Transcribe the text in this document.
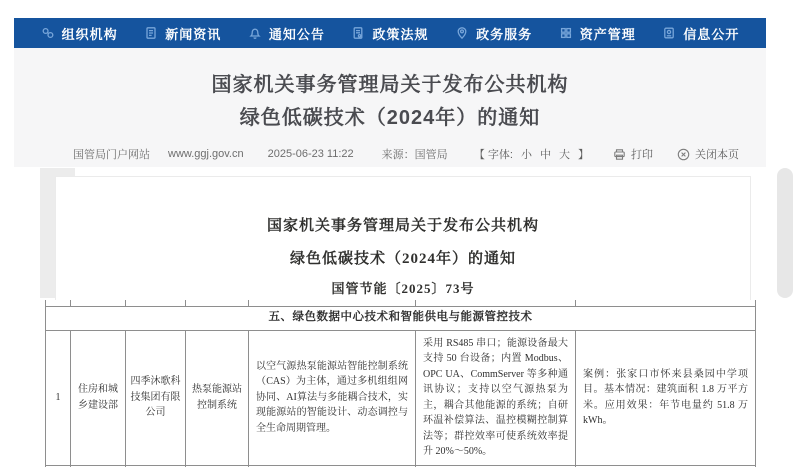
组织机构	新闻资讯	通知公告	政策法规	政务服务	资产管理	信息公开
国家机关事务管理局关于发布公共机构
绿色低碳技术（2024年）的通知
国管局门户网站 www.ggj.gov.cn 2025-06-23 11:22	来源：国管局 【 字体: 小 中 大 】	打印	关闭本页
国家机关事务管理局关于发布公共机构
绿色低碳技术（2024年）的通知
国管节能〔2025〕73号

五、绿色数据中心技术和智能供电与能源管控技术						
1	住房和城乡建设部	四季沐歌科技集团有限公司	热泵能源站控制系统	以空气源热泵能源站智能控制系统（CAS）为主体，通过多机组组网协同、AI算法与多能耦合技术，实现能源站的智能设计、动态调控与全生命周期管理。	采用 RS485 串口；能源设备最大支持 50 台设备；内置 Modbus、OPC UA、CommServer 等多种通讯协议；支持以空气源热泵为主，耦合其他能源的系统；自研环温补偿算法、温控模糊控制算法等；群控效率可使系统效率提升 20%～50%。	案例：张家口市怀来县桑园中学项目。基本情况：建筑面积 1.8 万平方米。应用效果：年节电量约 51.8 万 kWh。
